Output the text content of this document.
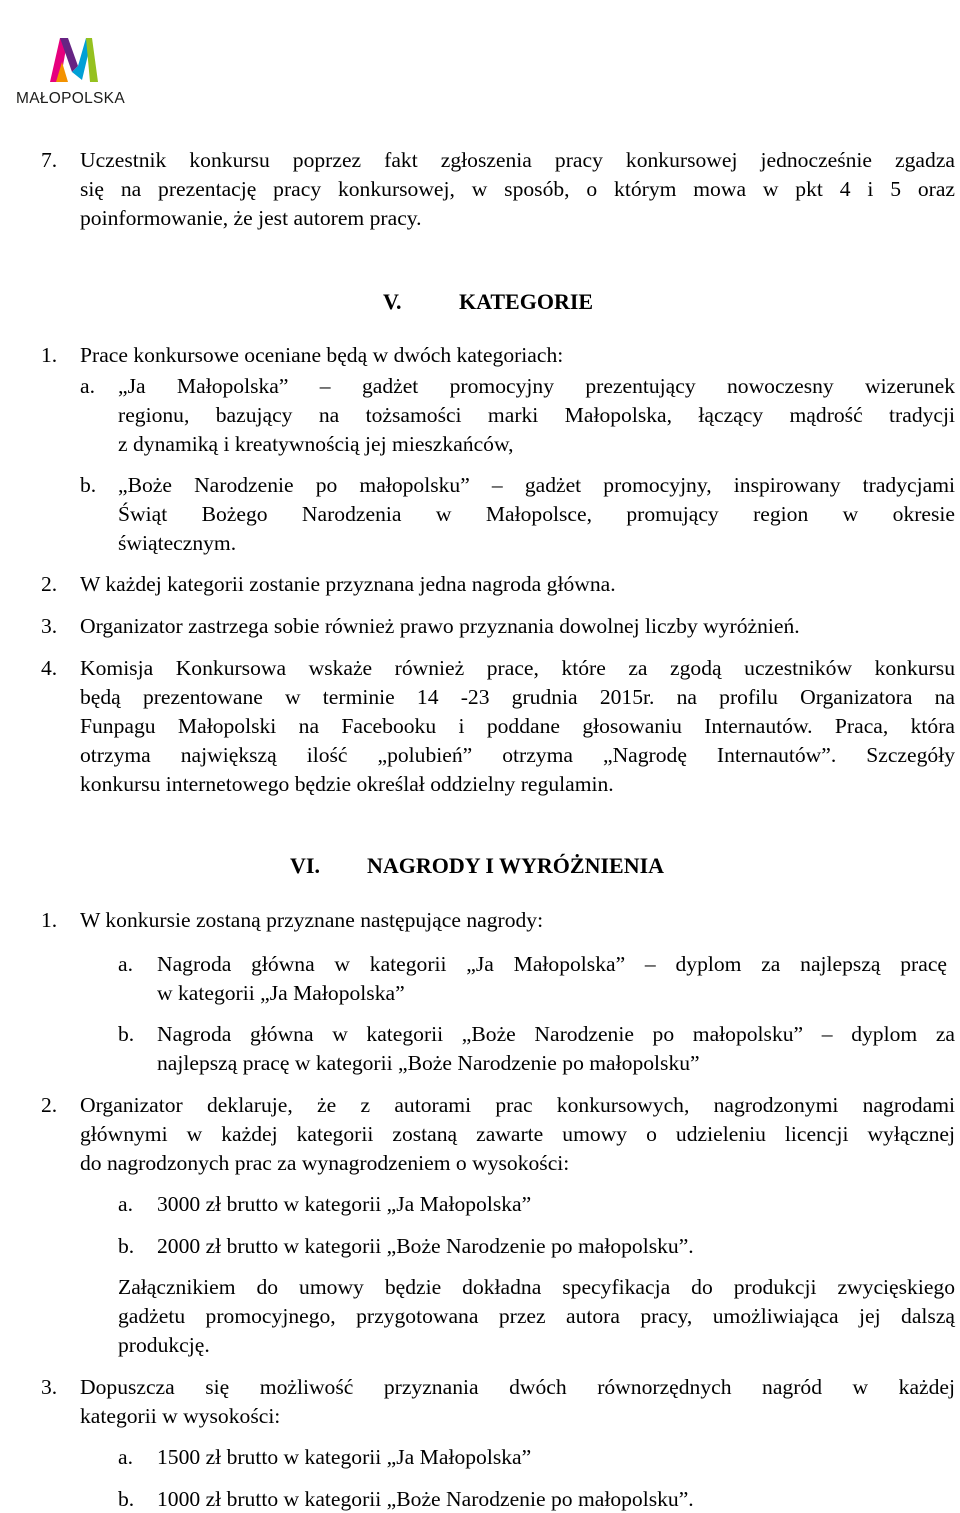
MAŁOPOLSKA
7. Uczestnik konkursu poprzez fakt zgłoszenia pracy konkursowej jednocześnie zgadza
się na prezentację pracy konkursowej, w sposób, o którym mowa w pkt 4 i 5 oraz
poinformowanie, że jest autorem pracy.
V.	KATEGORIE
1. Prace konkursowe oceniane będą w dwóch kategoriach:
a. „Ja Małopolska” – gadżet promocyjny prezentujący nowoczesny wizerunek
regionu, bazujący na tożsamości marki Małopolska, łączący mądrość tradycji
z dynamiką i kreatywnością jej mieszkańców,
b. „Boże Narodzenie po małopolsku” – gadżet promocyjny, inspirowany tradycjami
Świąt Bożego Narodzenia w Małopolsce, promujący region w okresie
świątecznym.
2. W każdej kategorii zostanie przyznana jedna nagroda główna.
3. Organizator zastrzega sobie również prawo przyznania dowolnej liczby wyróżnień.
4. Komisja Konkursowa wskaże również prace, które za zgodą uczestników konkursu
będą prezentowane w terminie 14 -23 grudnia 2015r. na profilu Organizatora na
Funpagu Małopolski na Facebooku i poddane głosowaniu Internautów. Praca, która
otrzyma największą ilość „polubień” otrzyma „Nagrodę Internautów”. Szczegóły
konkursu internetowego będzie określał oddzielny regulamin.
VI. NAGRODY I WYRÓŻNIENIA
1. W konkursie zostaną przyznane następujące nagrody:
a. Nagroda główna w kategorii „Ja Małopolska” – dyplom za najlepszą pracę
w kategorii „Ja Małopolska”
b. Nagroda główna w kategorii „Boże Narodzenie po małopolsku” – dyplom za
najlepszą pracę w kategorii „Boże Narodzenie po małopolsku”
2. Organizator deklaruje, że z autorami prac konkursowych, nagrodzonymi nagrodami
głównymi w każdej kategorii zostaną zawarte umowy o udzieleniu licencji wyłącznej
do nagrodzonych prac za wynagrodzeniem o wysokości:
a. 3000 zł brutto w kategorii „Ja Małopolska”
b. 2000 zł brutto w kategorii „Boże Narodzenie po małopolsku”.
Załącznikiem do umowy będzie dokładna specyfikacja do produkcji zwycięskiego
gadżetu promocyjnego, przygotowana przez autora pracy, umożliwiająca jej dalszą
produkcję.
3. Dopuszcza się możliwość przyznania dwóch równorzędnych nagród w każdej
kategorii w wysokości:
a. 1500 zł brutto w kategorii „Ja Małopolska”
b. 1000 zł brutto w kategorii „Boże Narodzenie po małopolsku”.
